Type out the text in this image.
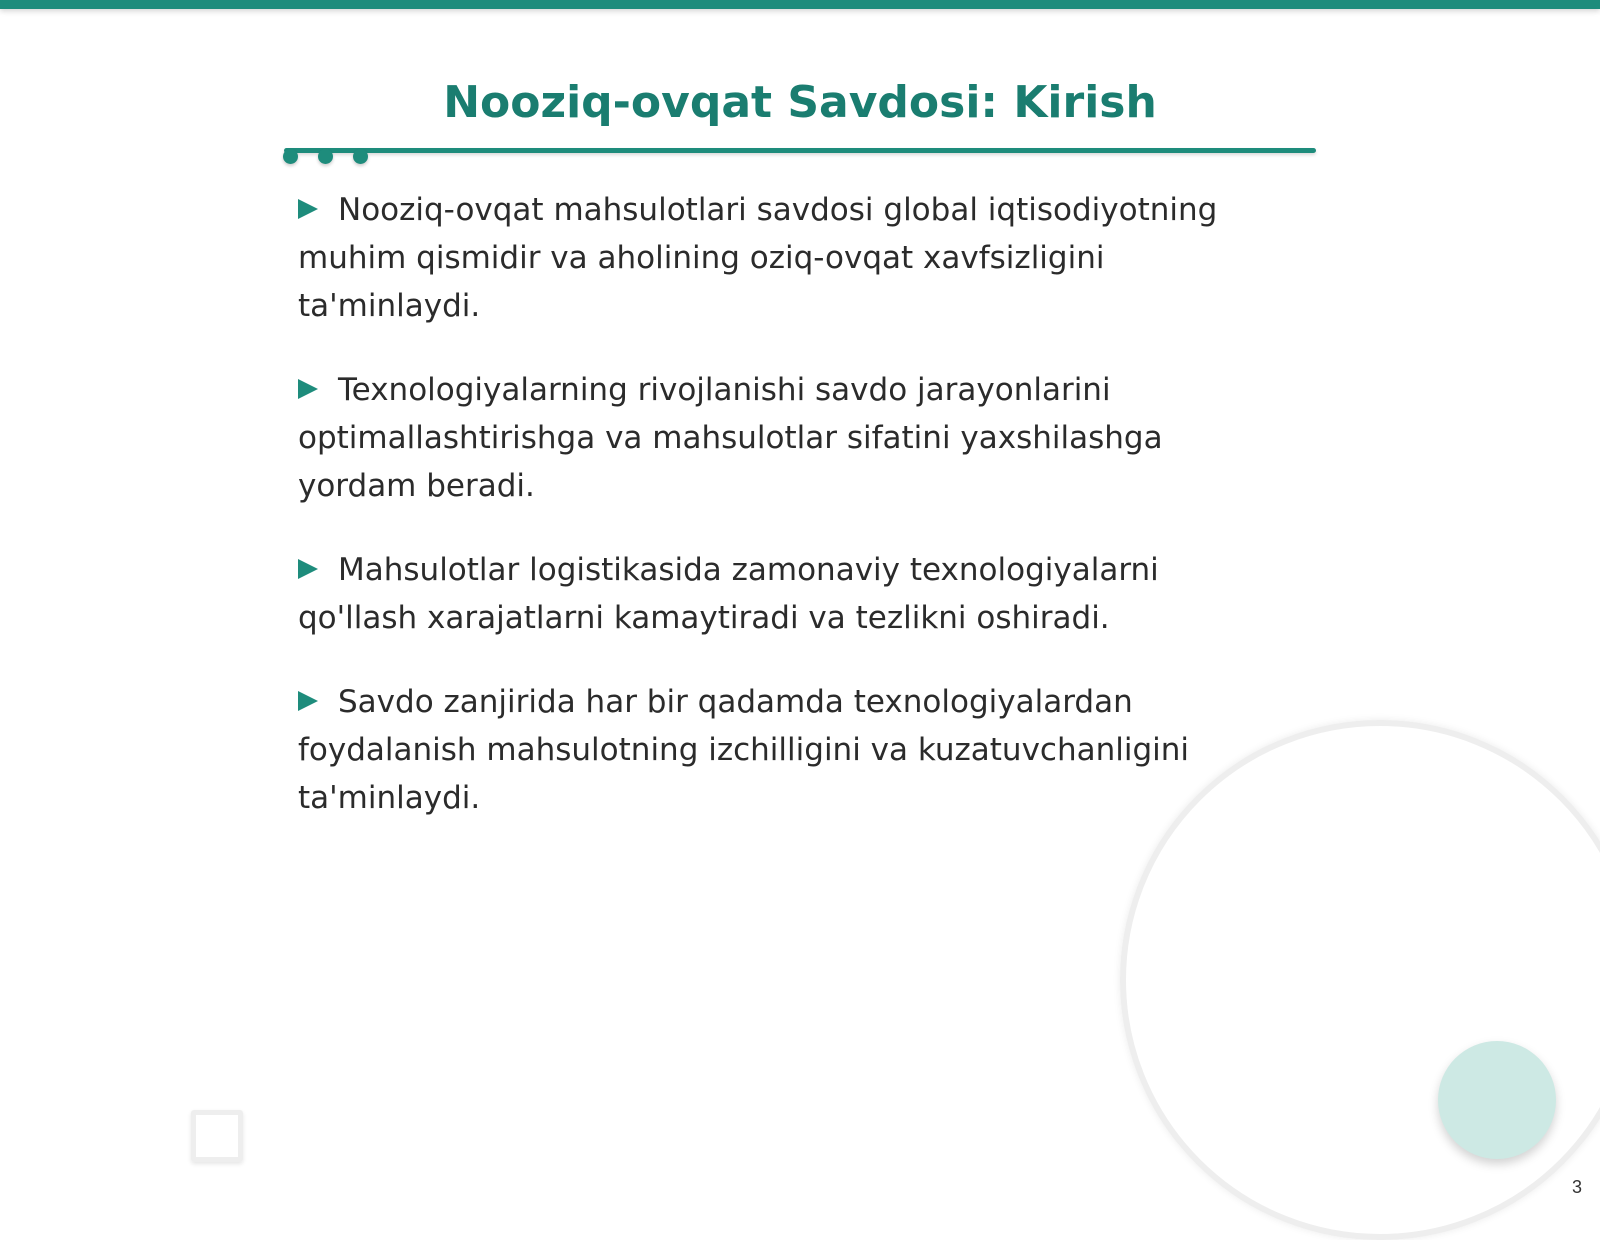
Nooziq-ovqat Savdosi: Kirish
Nooziq-ovqat mahsulotlari savdosi global iqtisodiyotning muhim qismidir va aholining oziq-ovqat xavfsizligini ta'minlaydi.
Texnologiyalarning rivojlanishi savdo jarayonlarini optimallashtirishga va mahsulotlar sifatini yaxshilashga yordam beradi.
Mahsulotlar logistikasida zamonaviy texnologiyalarni qo'llash xarajatlarni kamaytiradi va tezlikni oshiradi.
Savdo zanjirida har bir qadamda texnologiyalardan foydalanish mahsulotning izchilligini va kuzatuvchanligini ta'minlaydi.
3
